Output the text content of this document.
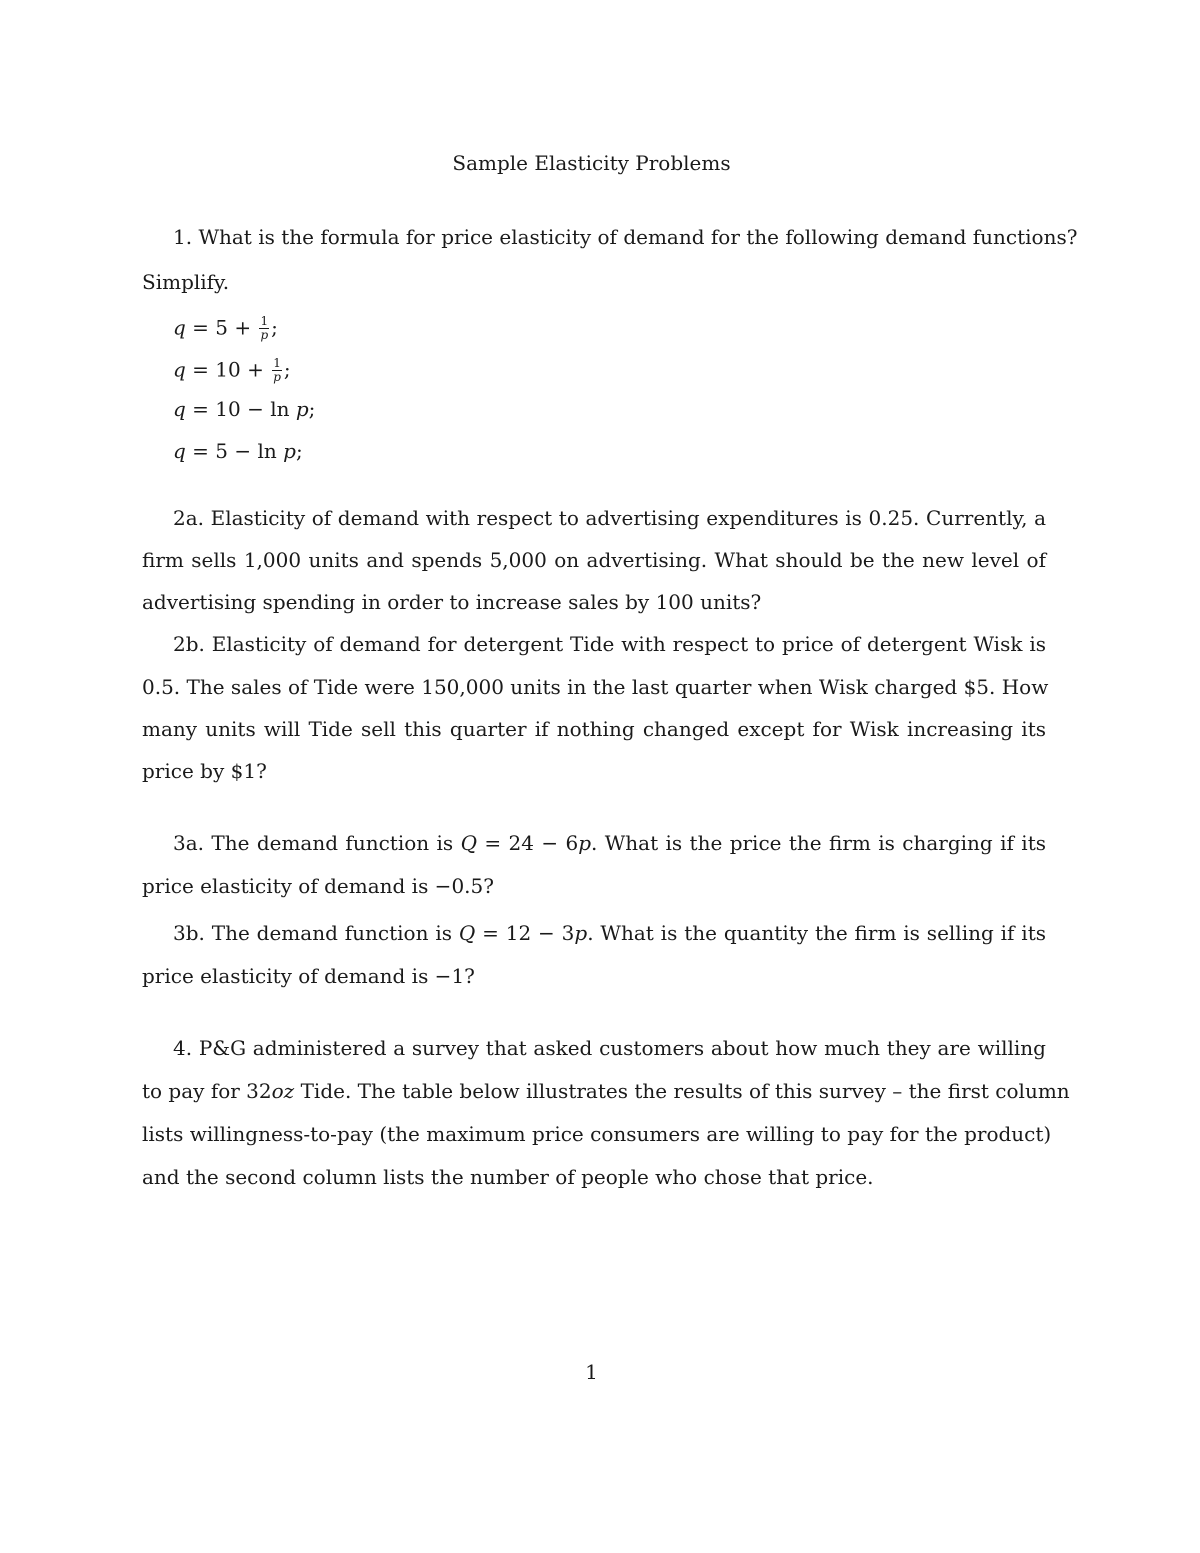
Sample Elasticity Problems
1. What is the formula for price elasticity of demand for the following demand functions?
Simplify.
$q = 5 + \frac{1}{p}$ ;
$q = 10 + \frac{1}{p}$ ;
q = 10 − ln p;
q = 5 − ln p;
2a. Elasticity of demand with respect to advertising expenditures is 0.25. Currently, a
firm sells 1,000 units and spends 5,000 on advertising. What should be the new level of
advertising spending in order to increase sales by 100 units?
2b. Elasticity of demand for detergent Tide with respect to price of detergent Wisk is
0.5. The sales of Tide were 150,000 units in the last quarter when Wisk charged $5. How
many units will Tide sell this quarter if nothing changed except for Wisk increasing its
price by $1?
3a. The demand function is Q = 24 − 6p. What is the price the firm is charging if its
price elasticity of demand is −0.5?
3b. The demand function is Q = 12 − 3p. What is the quantity the firm is selling if its
price elasticity of demand is −1?
4. P&G administered a survey that asked customers about how much they are willing
to pay for 32oz Tide. The table below illustrates the results of this survey – the first column
lists willingness-to-pay (the maximum price consumers are willing to pay for the product)
and the second column lists the number of people who chose that price.
1
